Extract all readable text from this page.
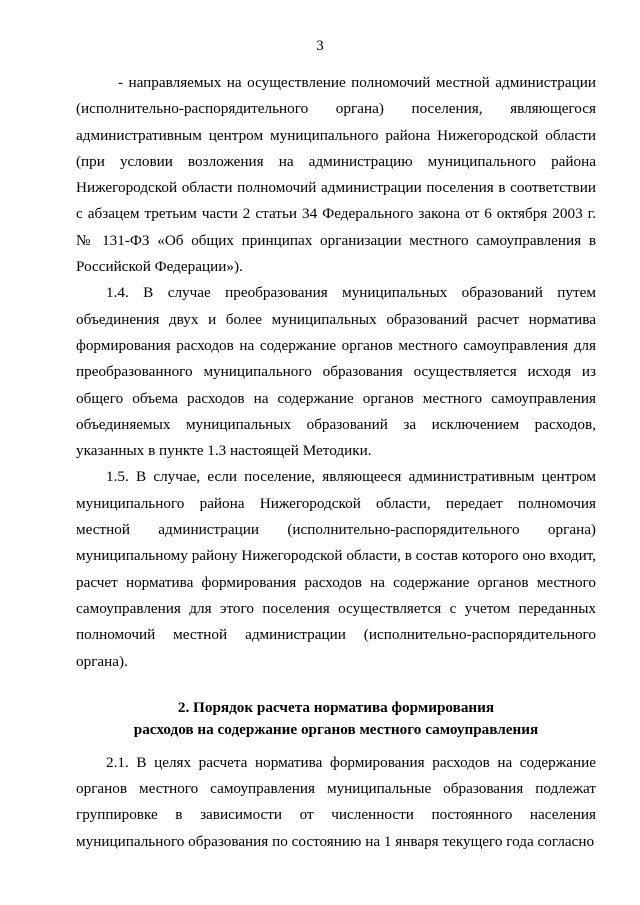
3

- направляемых на осуществление полномочий местной администрации (исполнительно-распорядительного органа) поселения, являющегося административным центром муниципального района Нижегородской области (при условии возложения на администрацию муниципального района Нижегородской области полномочий администрации поселения в соответствии с абзацем третьим части 2 статьи 34 Федерального закона от 6 октября 2003 г. № 131-ФЗ «Об общих принципах организации местного самоуправления в Российской Федерации»).

1.4. В случае преобразования муниципальных образований путем объединения двух и более муниципальных образований расчет норматива формирования расходов на содержание органов местного самоуправления для преобразованного муниципального образования осуществляется исходя из общего объема расходов на содержание органов местного самоуправления объединяемых муниципальных образований за исключением расходов, указанных в пункте 1.3 настоящей Методики.

1.5. В случае, если поселение, являющееся административным центром муниципального района Нижегородской области, передает полномочия местной администрации (исполнительно-распорядительного органа) муниципальному району Нижегородской области, в состав которого оно входит, расчет норматива формирования расходов на содержание органов местного самоуправления для этого поселения осуществляется с учетом переданных полномочий местной администрации (исполнительно-распорядительного органа).

2. Порядок расчета норматива формирования
расходов на содержание органов местного самоуправления

2.1. В целях расчета норматива формирования расходов на содержание органов местного самоуправления муниципальные образования подлежат группировке в зависимости от численности постоянного населения муниципального образования по состоянию на 1 января текущего года согласно
